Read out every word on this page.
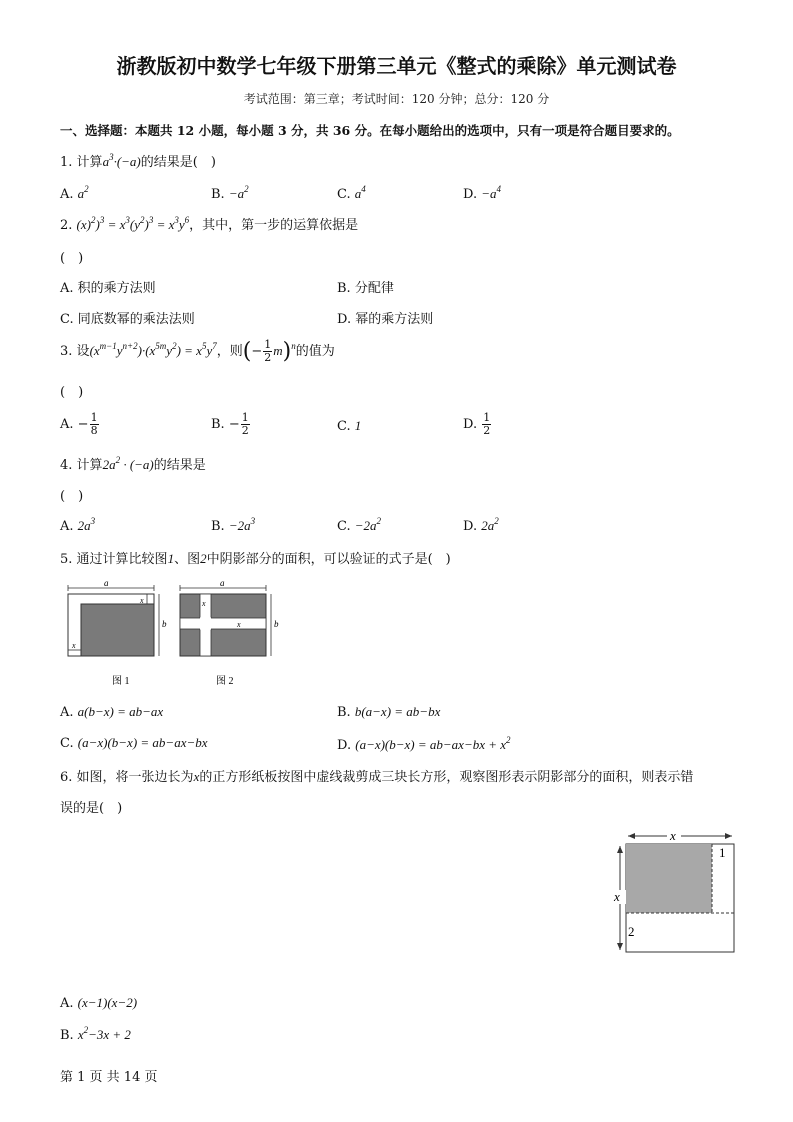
浙教版初中数学七年级下册第三单元《整式的乘除》单元测试卷
考试范围：第三章；考试时间：120 分钟；总分：120 分
一、选择题：本题共 12 小题，每小题 3 分，共 36 分。在每小题给出的选项中，只有一项是符合题目要求的。
1. 计算$a^3\cdot(-a)$的结果是(　)
A. $a^2$	B. $-a^2$	C. $a^4$	D. $-a^4$
2. $(x)^2)^3 = x^3(y^2)^3 = x^3y^6$，其中，第一步的运算依据是
(　)
A. 积的乘方法则	B. 分配律
C. 同底数幂的乘法法则	D. 幂的乘方法则
3. 设$(x^{m-1}y^{n+2})\cdot(x^{5m}y^2) = x^5y^7$，则(− $\frac{1}{2} m)^n$的值为
(　)
A. − $\frac{1}{8}$	B. − $\frac{1}{2}$	C. 1	D. $\frac{1}{2}$
4. 计算$2a^2 \cdot (-a)$的结果是
(　)
A. $2a^3$	B. $-2a^3$	C. $-2a^2$	D. $2a^2$
5. 通过计算比较图1、图2中阴影部分的面积，可以验证的式子是(　)
a
b
x
x
图 1
a
b
x
x
图 2
A. a(b−x) = ab−ax	B. b(a−x) = ab−bx
C. (a−x)(b−x) = ab−ax−bx	D. $(a-x)(b-x) = ab-ax-bx + x^2$
6. 如图，将一张边长为x的正方形纸板按图中虚线裁剪成三块长方形，观察图形表示阴影部分的面积，则表示错
误的是(　)
x
x
1
2
A. (x−1)(x−2)
B. $x^2-3x + 2$
第 1 页 共 14 页
